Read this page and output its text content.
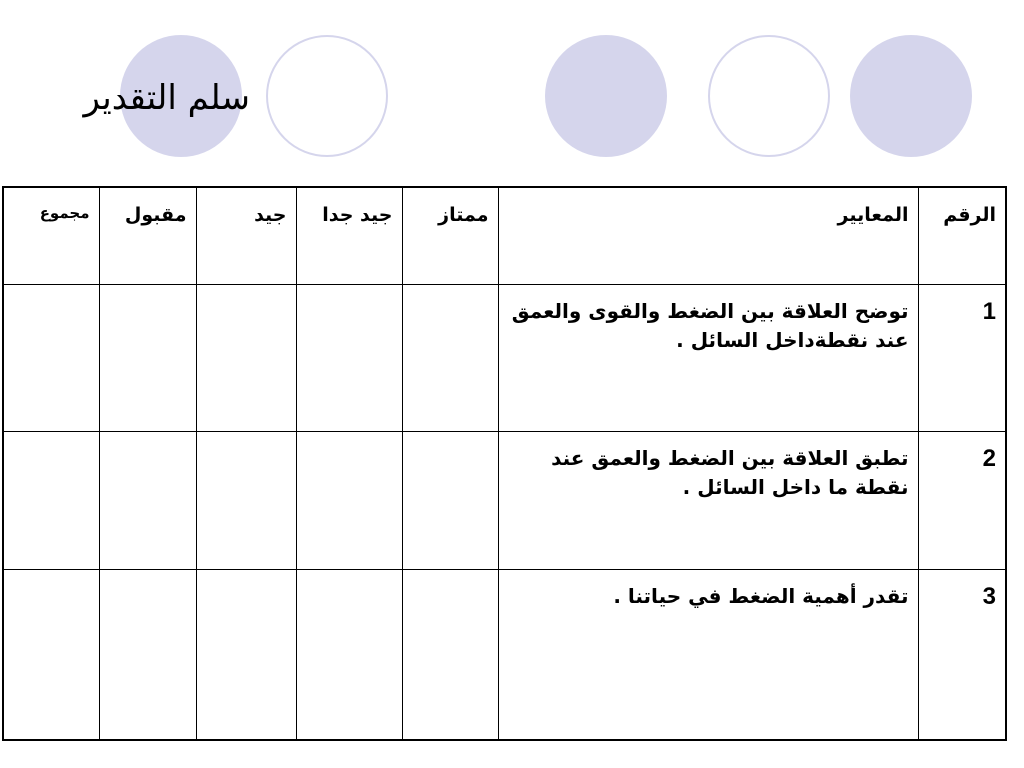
سلم التقدير
الرقم	المعايير	ممتاز	جيد جدا	جيد	مقبول	مجموع
1	توضح العلاقة بين الضغط والقوى والعمق عند نقطةداخل السائل .					
2	تطبق العلاقة بين الضغط والعمق عند نقطة ما داخل السائل .					
3	تقدر أهمية الضغط في حياتنا .					
